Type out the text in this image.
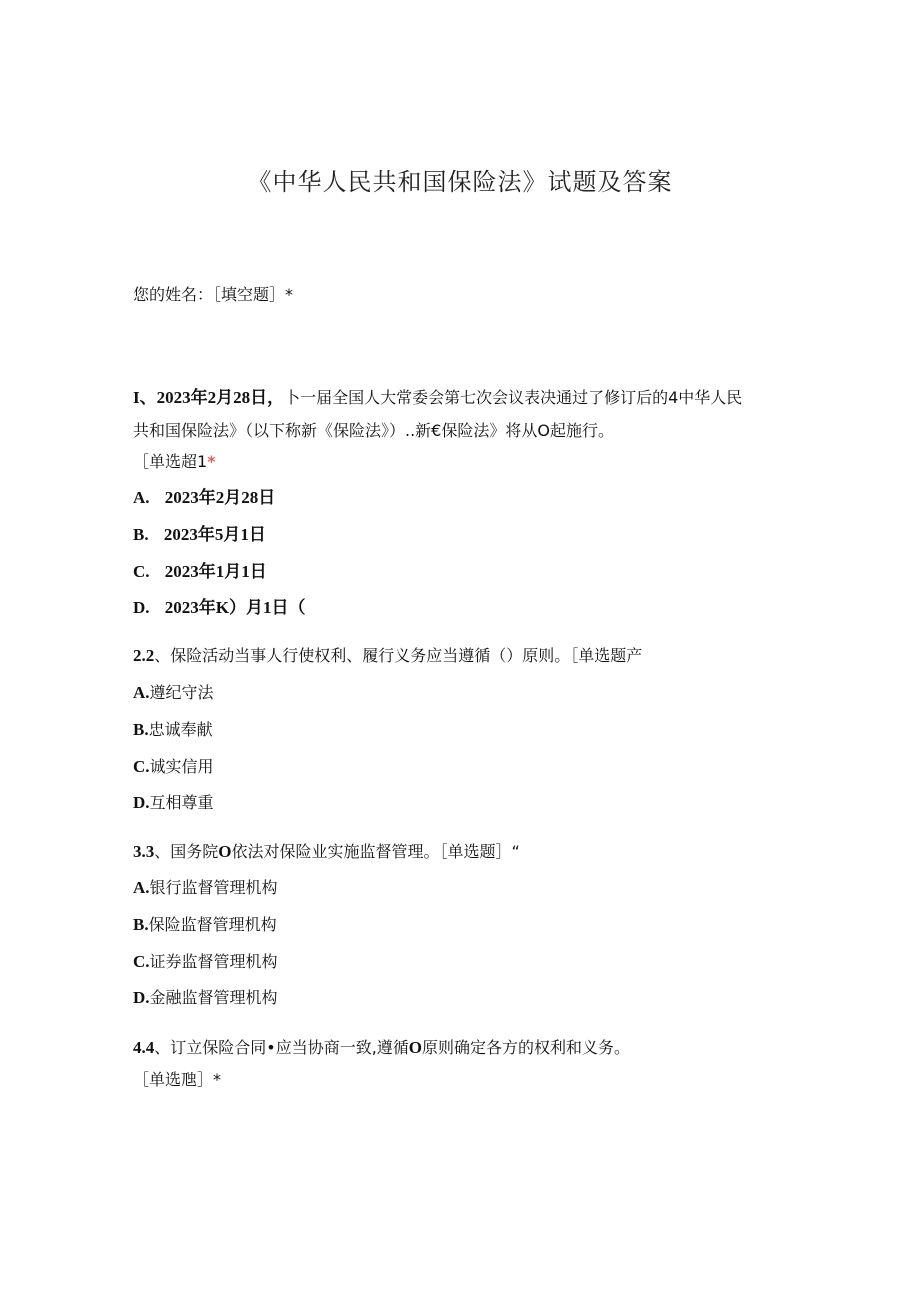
《中华人民共和国保险法》试题及答案
您的姓名：［填空题］*
I、2023年2月28日，卜一届全国人大常委会第七次会议表决通过了修订后的4中华人民
共和国保险法》（以下称新《保险法》）..新€保险法》将从O起施行。
［单选超1*
A. 2023年2月28日
B. 2023年5月1日
C. 2023年1月1日
D. 2023年K）月1日（
2.2、保险活动当事人行使权利、履行义务应当遵循（）原则。［单选题产
A.遵纪守法
B.忠诚奉献
C.诚实信用
D.互相尊重
3.3、国务院O依法对保险业实施监督管理。［单选题］“
A.银行监督管理机构
B.保险监督管理机构
C.证券监督管理机构
D.金融监督管理机构
4.4、订立保险合同•应当协商一致,遵循O原则确定各方的权利和义务。
［单选虺］*
